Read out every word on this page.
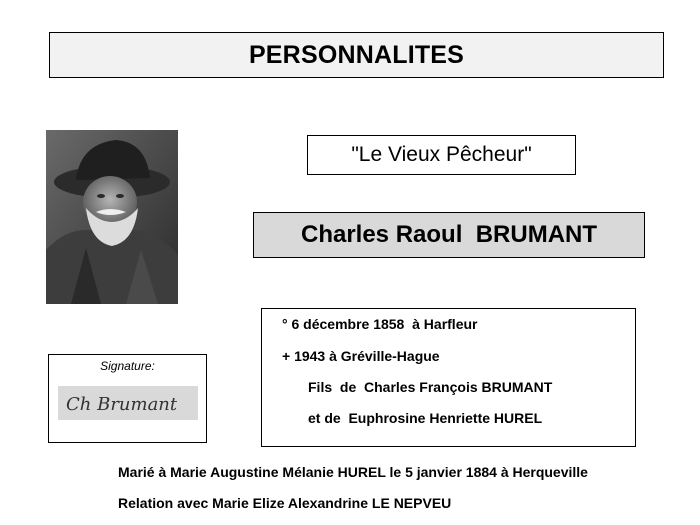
PERSONNALITES
"Le Vieux Pêcheur"
Charles Raoul  BRUMANT
Signature:
Ch Brumant
° 6 décembre 1858  à Harfleur
+ 1943 à Gréville-Hague
Fils  de  Charles François BRUMANT
et de  Euphrosine Henriette HUREL
Marié à Marie Augustine Mélanie HUREL le 5 janvier 1884 à Herqueville
Relation avec Marie Elize Alexandrine LE NEPVEU
